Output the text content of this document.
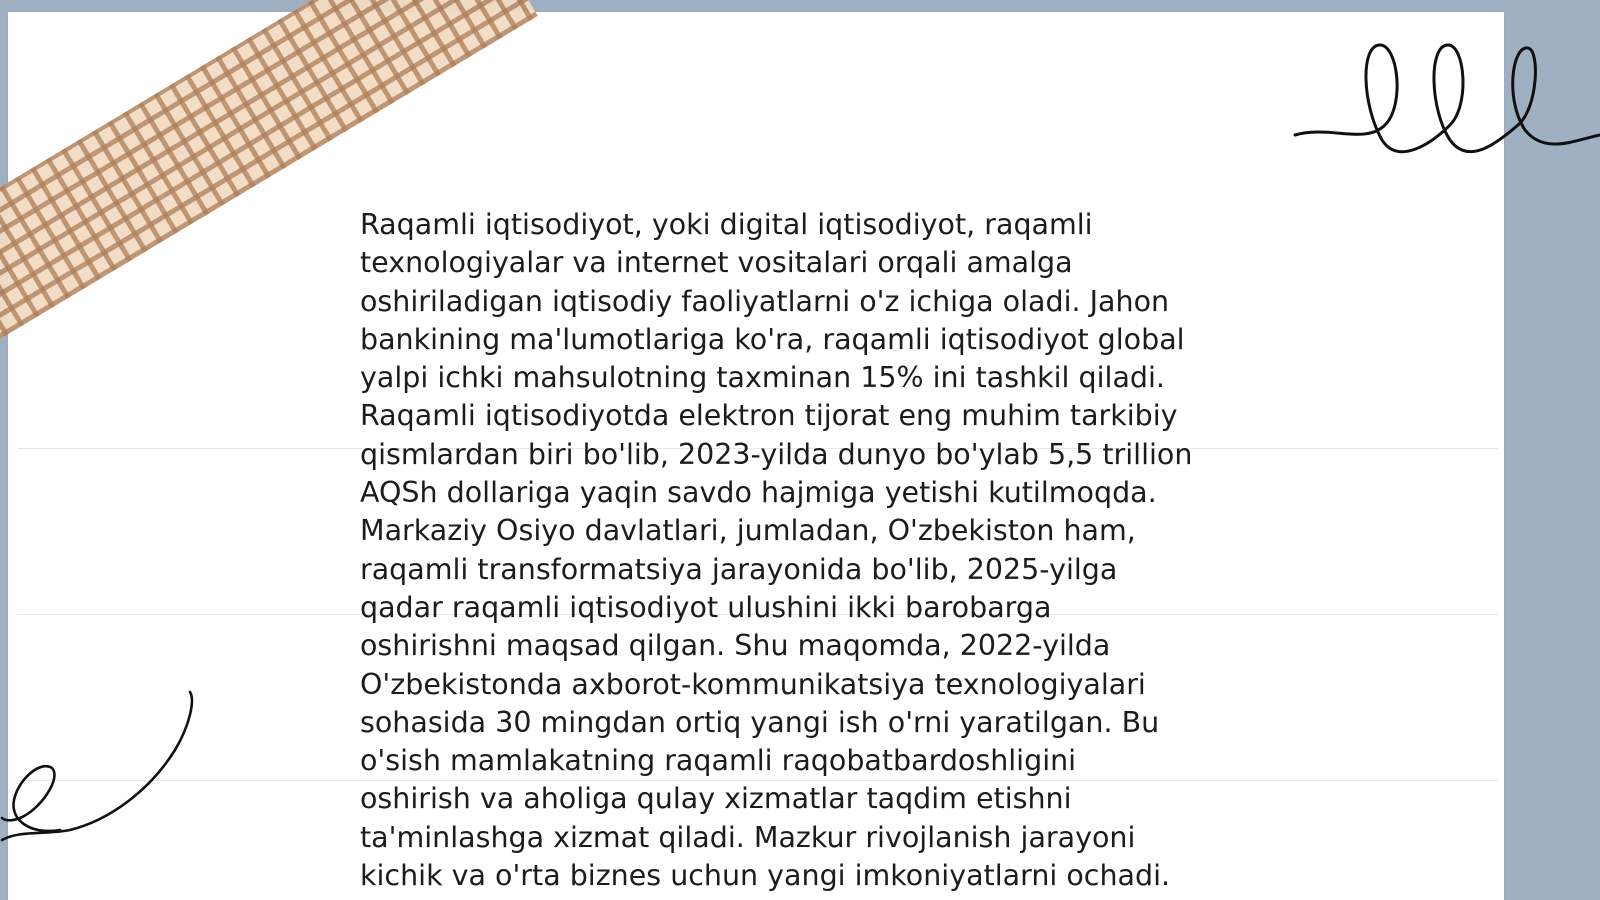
Raqamli iqtisodiyot, yoki digital iqtisodiyot, raqamli
texnologiyalar va internet vositalari orqali amalga
oshiriladigan iqtisodiy faoliyatlarni o'z ichiga oladi. Jahon
bankining ma'lumotlariga ko'ra, raqamli iqtisodiyot global
yalpi ichki mahsulotning taxminan 15% ini tashkil qiladi.
Raqamli iqtisodiyotda elektron tijorat eng muhim tarkibiy
qismlardan biri bo'lib, 2023-yilda dunyo bo'ylab 5,5 trillion
AQSh dollariga yaqin savdo hajmiga yetishi kutilmoqda.
Markaziy Osiyo davlatlari, jumladan, O'zbekiston ham,
raqamli transformatsiya jarayonida bo'lib, 2025-yilga
qadar raqamli iqtisodiyot ulushini ikki barobarga
oshirishni maqsad qilgan. Shu maqomda, 2022-yilda
O'zbekistonda axborot-kommunikatsiya texnologiyalari
sohasida 30 mingdan ortiq yangi ish o'rni yaratilgan. Bu
o'sish mamlakatning raqamli raqobatbardoshligini
oshirish va aholiga qulay xizmatlar taqdim etishni
ta'minlashga xizmat qiladi. Mazkur rivojlanish jarayoni
kichik va o'rta biznes uchun yangi imkoniyatlarni ochadi.
